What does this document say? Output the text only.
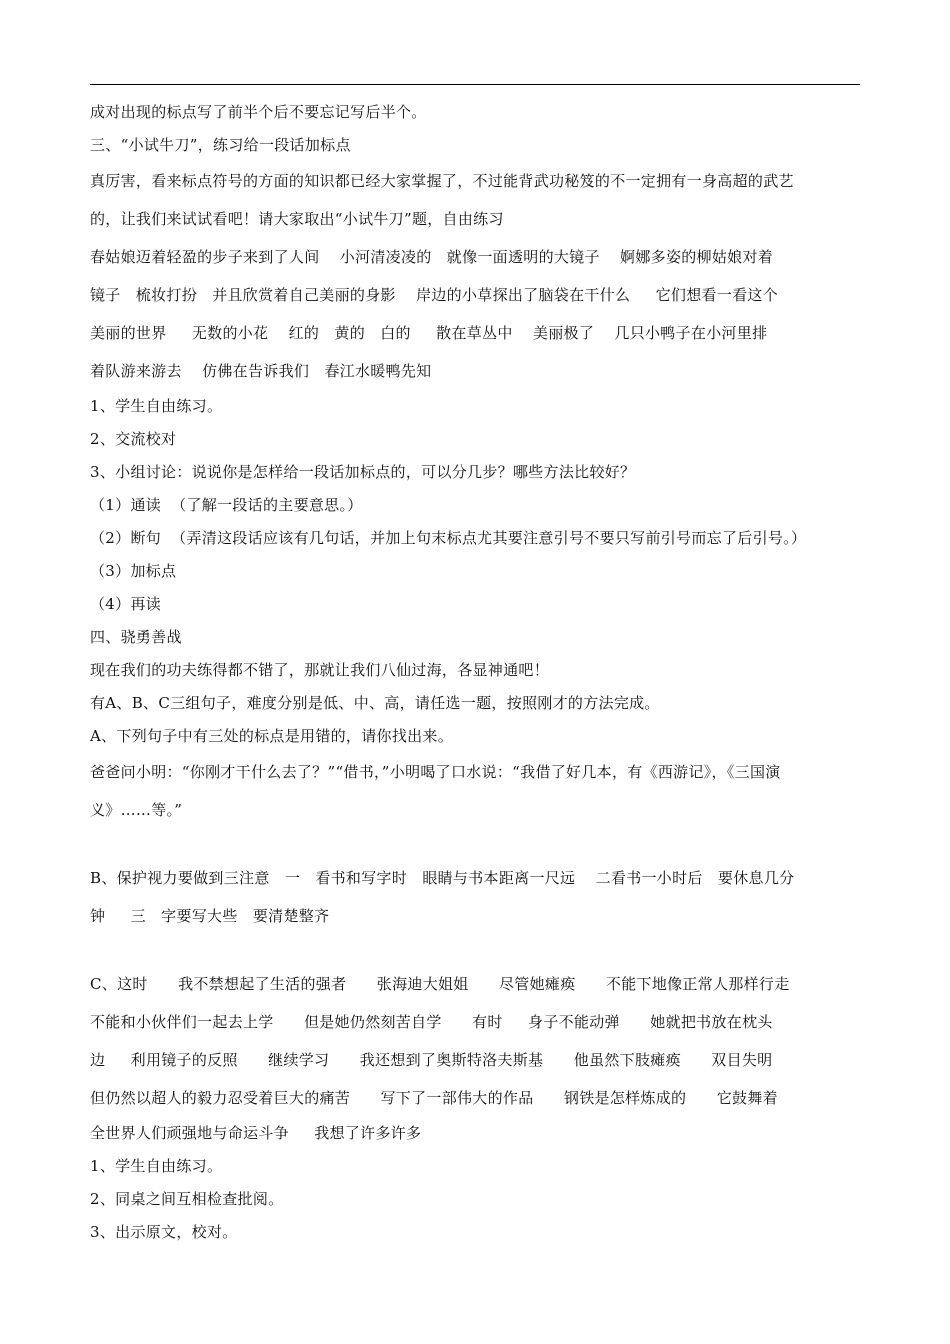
成对出现的标点写了前半个后不要忘记写后半个。

三、“小试牛刀”，练习给一段话加标点

真厉害，看来标点符号的方面的知识都已经大家掌握了，不过能背武功秘笈的不一定拥有一身高超的武艺

的，让我们来试试看吧！请大家取出“小试牛刀”题，自由练习

春姑娘迈着轻盈的步子来到了人间    小河清凌凌的   就像一面透明的大镜子    婀娜多姿的柳姑娘对着

镜子   梳妆打扮   并且欣赏着自己美丽的身影    岸边的小草探出了脑袋在干什么     它们想看一看这个

美丽的世界     无数的小花    红的   黄的   白的     散在草丛中    美丽极了    几只小鸭子在小河里排

着队游来游去    仿佛在告诉我们   春江水暖鸭先知

1、学生自由练习。

2、交流校对

3、小组讨论：说说你是怎样给一段话加标点的，可以分几步？哪些方法比较好？

（1）通读  （了解一段话的主要意思。）

（2）断句  （弄清这段话应该有几句话，并加上句末标点尤其要注意引号不要只写前引号而忘了后引号。）

（3）加标点

（4）再读

四、骁勇善战

现在我们的功夫练得都不错了，那就让我们八仙过海，各显神通吧！

有A、B、C三组句子，难度分别是低、中、高，请任选一题，按照刚才的方法完成。

A、下列句子中有三处的标点是用错的，请你找出来。

爸爸问小明：“你刚才干什么去了？”“借书，”小明喝了口水说：“我借了好几本，有《西游记》，《三国演

义》……等。”

B、保护视力要做到三注意   一   看书和写字时   眼睛与书本距离一尺远    二看书一小时后   要休息几分

钟     三   字要写大些   要清楚整齐

C、这时      我不禁想起了生活的强者      张海迪大姐姐      尽管她瘫痪      不能下地像正常人那样行走

不能和小伙伴们一起去上学      但是她仍然刻苦自学      有时     身子不能动弹      她就把书放在枕头

边     利用镜子的反照      继续学习      我还想到了奥斯特洛夫斯基      他虽然下肢瘫痪      双目失明

但仍然以超人的毅力忍受着巨大的痛苦      写下了一部伟大的作品      钢铁是怎样炼成的      它鼓舞着

全世界人们顽强地与命运斗争     我想了许多许多

1、学生自由练习。

2、同桌之间互相检查批阅。

3、出示原文，校对。
